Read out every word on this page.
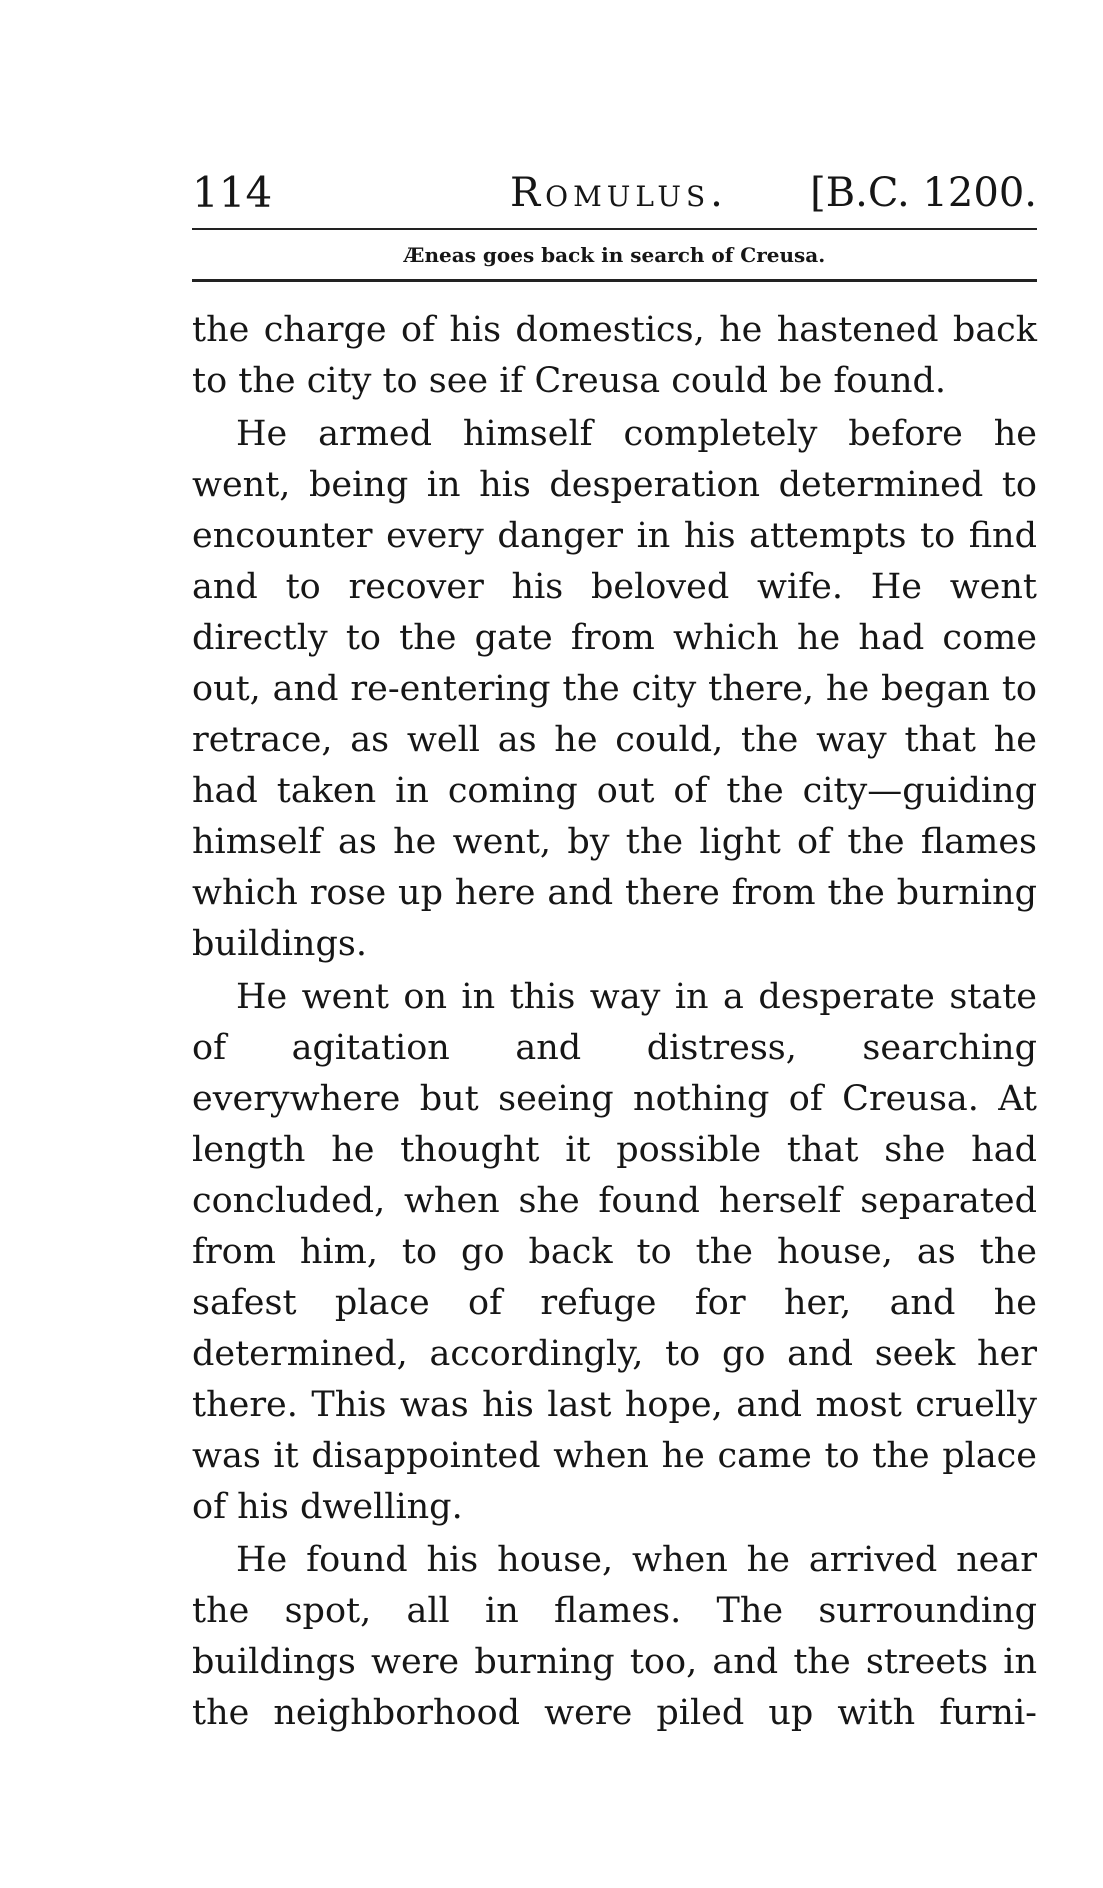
114	Romulus. [B.C. 1200.
Æneas goes back in search of Creusa.

the charge of his domestics, he hastened back to the city to see if Creusa could be found.

He armed himself completely before he went, being in his desperation determined to encounter every danger in his attempts to find and to recover his beloved wife. He went directly to the gate from which he had come out, and re-entering the city there, he began to retrace, as well as he could, the way that he had taken in coming out of the city—guiding himself as he went, by the light of the flames which rose up here and there from the burning buildings.

He went on in this way in a desperate state of agitation and distress, searching everywhere but seeing nothing of Creusa. At length he thought it possible that she had concluded, when she found herself separated from him, to go back to the house, as the safest place of refuge for her, and he determined, accordingly, to go and seek her there. This was his last hope, and most cruelly was it disappointed when he came to the place of his dwelling.

He found his house, when he arrived near the spot, all in flames. The surrounding buildings were burning too, and the streets in the neighborhood were piled up with furni-
